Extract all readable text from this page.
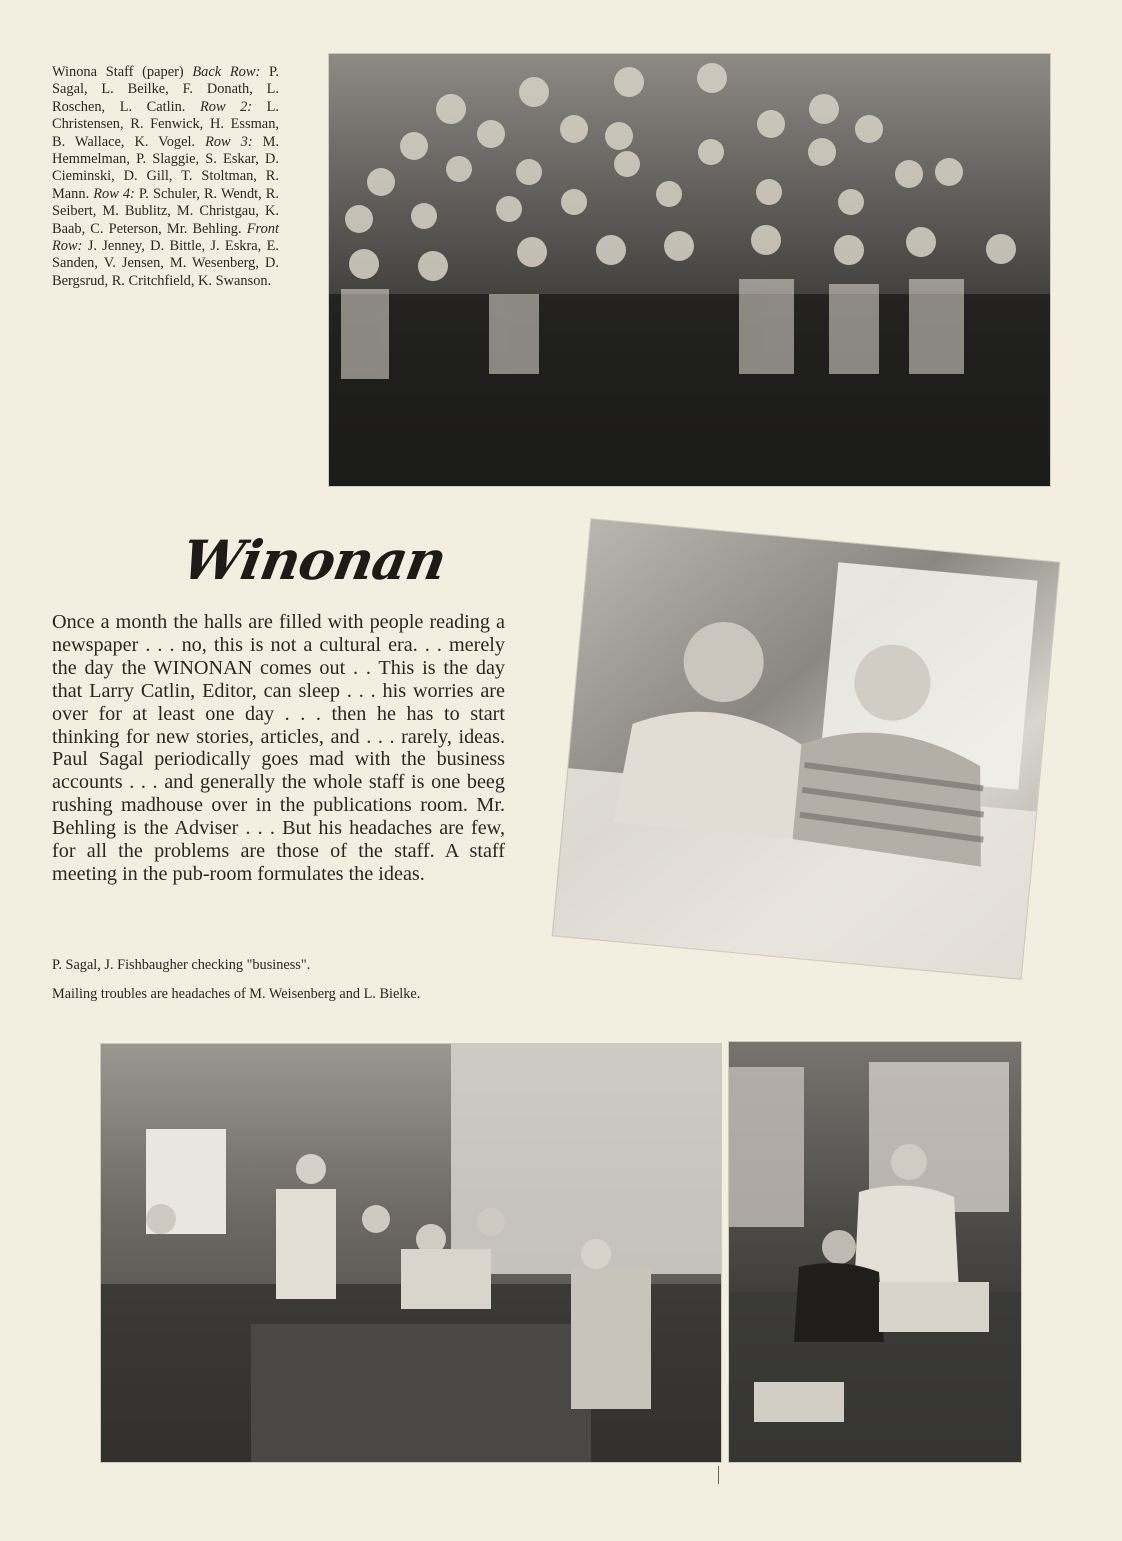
Winona Staff (paper) Back Row: P. Sagal, L. Beilke, F. Donath, L. Roschen, L. Catlin. Row 2: L. Christensen, R. Fenwick, H. Essman, B. Wallace, K. Vogel. Row 3: M. Hemmelman, P. Slaggie, S. Eskar, D. Cieminski, D. Gill, T. Stoltman, R. Mann. Row 4: P. Schuler, R. Wendt, R. Seibert, M. Bublitz, M. Christgau, K. Baab, C. Peterson, Mr. Behling. Front Row: J. Jenney, D. Bittle, J. Eskra, E. Sanden, V. Jensen, M. Wesenberg, D. Bergsrud, R. Critchfield, K. Swanson.
Winonan
Once a month the halls are filled with people reading a newspaper . . . no, this is not a cultural era. . . merely the day the WINONAN comes out . . This is the day that Larry Catlin, Editor, can sleep . . . his worries are over for at least one day . . . then he has to start thinking for new stories, articles, and . . . rarely, ideas. Paul Sagal periodically goes mad with the business accounts . . . and generally the whole staff is one beeg rushing madhouse over in the publications room. Mr. Behling is the Adviser . . . But his headaches are few, for all the problems are those of the staff. A staff meeting in the pub-room formulates the ideas.
P. Sagal, J. Fishbaugher checking "business".
Mailing troubles are headaches of M. Weisenberg and L. Bielke.
